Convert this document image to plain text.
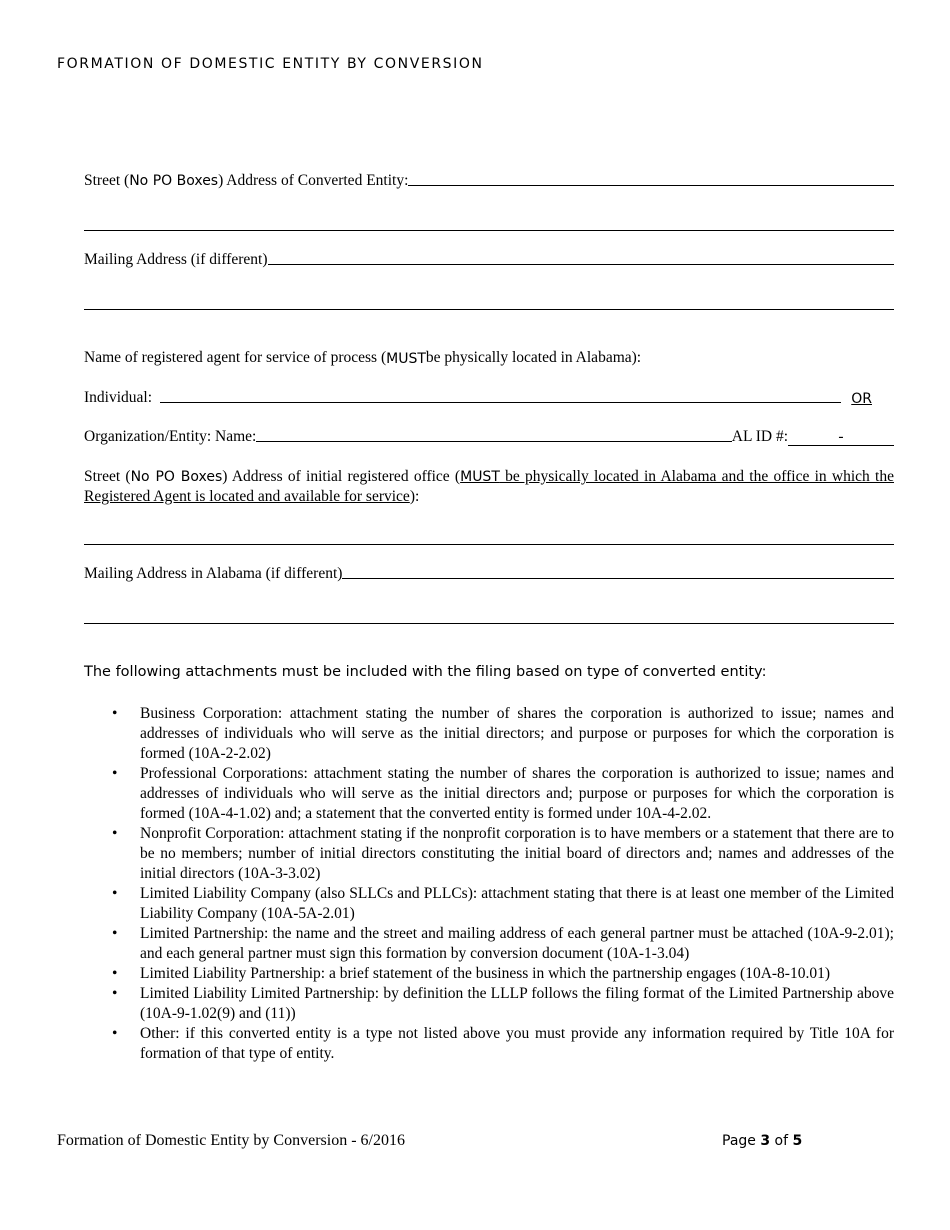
FORMATION OF DOMESTIC ENTITY BY CONVERSION
Street (No PO Boxes) Address of Converted Entity:
Mailing Address (if different)
Name of registered agent for service of process ( MUST be physically located in Alabama):
Individual:	OR
Organization/Entity: Name:	AL ID #:	-
Street (No PO Boxes) Address of initial registered office (MUST be physically located in Alabama and the office in which the Registered Agent is located and available for service):
Mailing Address in Alabama (if different)
The following attachments must be included with the filing based on type of converted entity:
• Business Corporation: attachment stating the number of shares the corporation is authorized to issue; names and addresses of individuals who will serve as the initial directors; and purpose or purposes for which the corporation is formed (10A-2-2.02)
• Professional Corporations: attachment stating the number of shares the corporation is authorized to issue; names and addresses of individuals who will serve as the initial directors and; purpose or purposes for which the corporation is formed (10A-4-1.02) and; a statement that the converted entity is formed under 10A-4-2.02.
• Nonprofit Corporation: attachment stating if the nonprofit corporation is to have members or a statement that there are to be no members; number of initial directors constituting the initial board of directors and; names and addresses of the initial directors (10A-3-3.02)
• Limited Liability Company (also SLLCs and PLLCs): attachment stating that there is at least one member of the Limited Liability Company (10A-5A-2.01)
• Limited Partnership: the name and the street and mailing address of each general partner must be attached (10A-9-2.01); and each general partner must sign this formation by conversion document (10A-1-3.04)
• Limited Liability Partnership: a brief statement of the business in which the partnership engages (10A-8-10.01)
• Limited Liability Limited Partnership: by definition the LLLP follows the filing format of the Limited Partnership above (10A-9-1.02(9) and (11))
• Other: if this converted entity is a type not listed above you must provide any information required by Title 10A for formation of that type of entity.
Formation of Domestic Entity by Conversion - 6/2016	Page 3 of 5
